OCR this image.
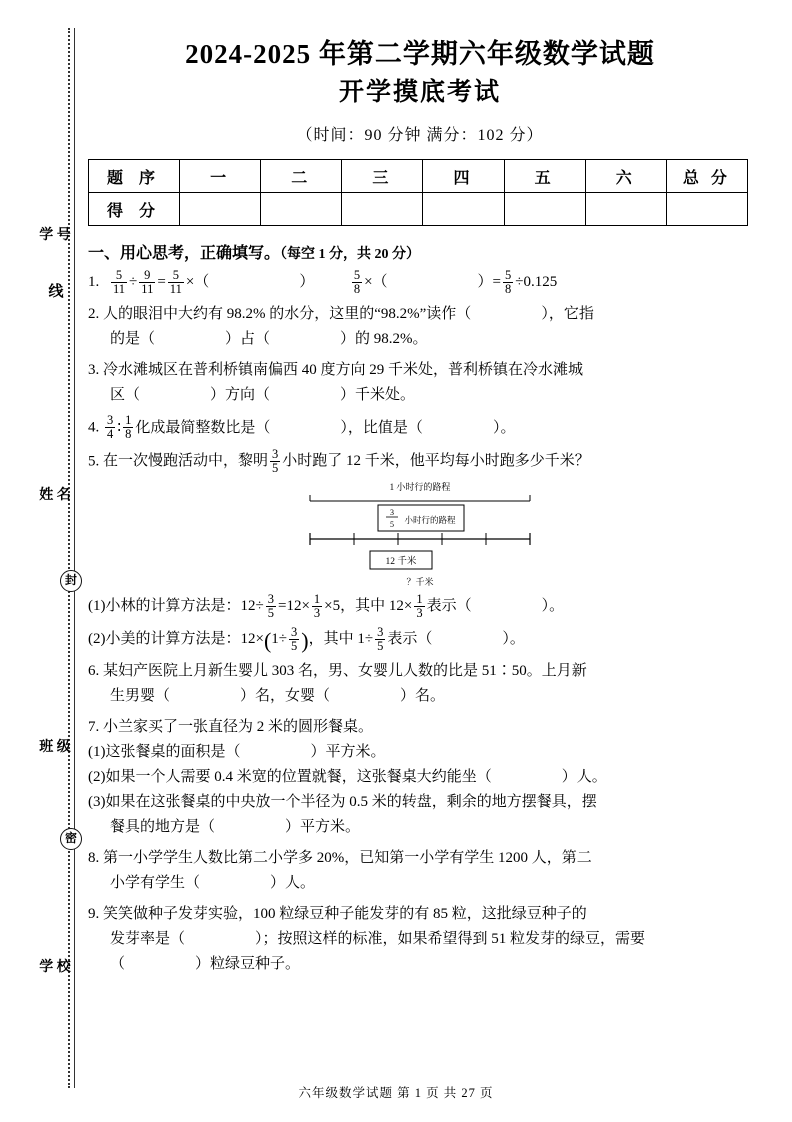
学 号
线
姓 名
封
班 级
密
学 校
2024-2025 年第二学期六年级数学试题
开学摸底考试
（时间：90 分钟 满分：102 分）
题 序	一	二	三	四	五	六	总 分
得 分							
一、用心思考，正确填写。（每空 1 分，共 20 分）
1. $\frac{5}{11} \div \frac{9}{11} = \frac{5}{11}$ ×（	）	$\frac{5}{8}$ ×（	）= $\frac{5}{8} \div 0.125$
2. 人的眼泪中大约有 98.2% 的水分，这里的“98.2%”读作（	），它指
的是（	）占（	）的 98.2%。
3. 冷水滩城区在普利桥镇南偏西 40 度方向 29 千米处，普利桥镇在冷水滩城
区（	）方向（	）千米处。
4. $\frac{3}{4}$ ∶ $\frac{1}{8}$ 化成最简整数比是（	），比值是（	）。
5. 在一次慢跑活动中，黎明 $\frac{3}{5}$ 小时跑了 12 千米，他平均每小时跑多少千米？
1 小时行的路程
3
5 小时行的路程
12 千米
？千米
(1)小林的计算方法是：$12\div \frac{3}{5} =12\times \frac{1}{3} \times 5$，其中 $12\times \frac{1}{3}$ 表示（	）。
(2)小美的计算方法是：$12\times(1\div \frac{3}{5}$ )，其中 $1\div \frac{3}{5}$ 表示（	）。
6. 某妇产医院上月新生婴儿 303 名，男、女婴儿人数的比是 51∶50。上月新
生男婴（	）名，女婴（	）名。
7. 小兰家买了一张直径为 2 米的圆形餐桌。
(1)这张餐桌的面积是（	）平方米。
(2)如果一个人需要 0.4 米宽的位置就餐，这张餐桌大约能坐（	）人。
(3)如果在这张餐桌的中央放一个半径为 0.5 米的转盘，剩余的地方摆餐具，摆
餐具的地方是（	）平方米。
8. 第一小学学生人数比第二小学多 20%，已知第一小学有学生 1200 人，第二
小学有学生（	）人。
9. 笑笑做种子发芽实验，100 粒绿豆种子能发芽的有 85 粒，这批绿豆种子的
发芽率是（	）；按照这样的标准，如果希望得到 51 粒发芽的绿豆，需要
（	）粒绿豆种子。
六年级数学试题 第 1 页 共 27 页
